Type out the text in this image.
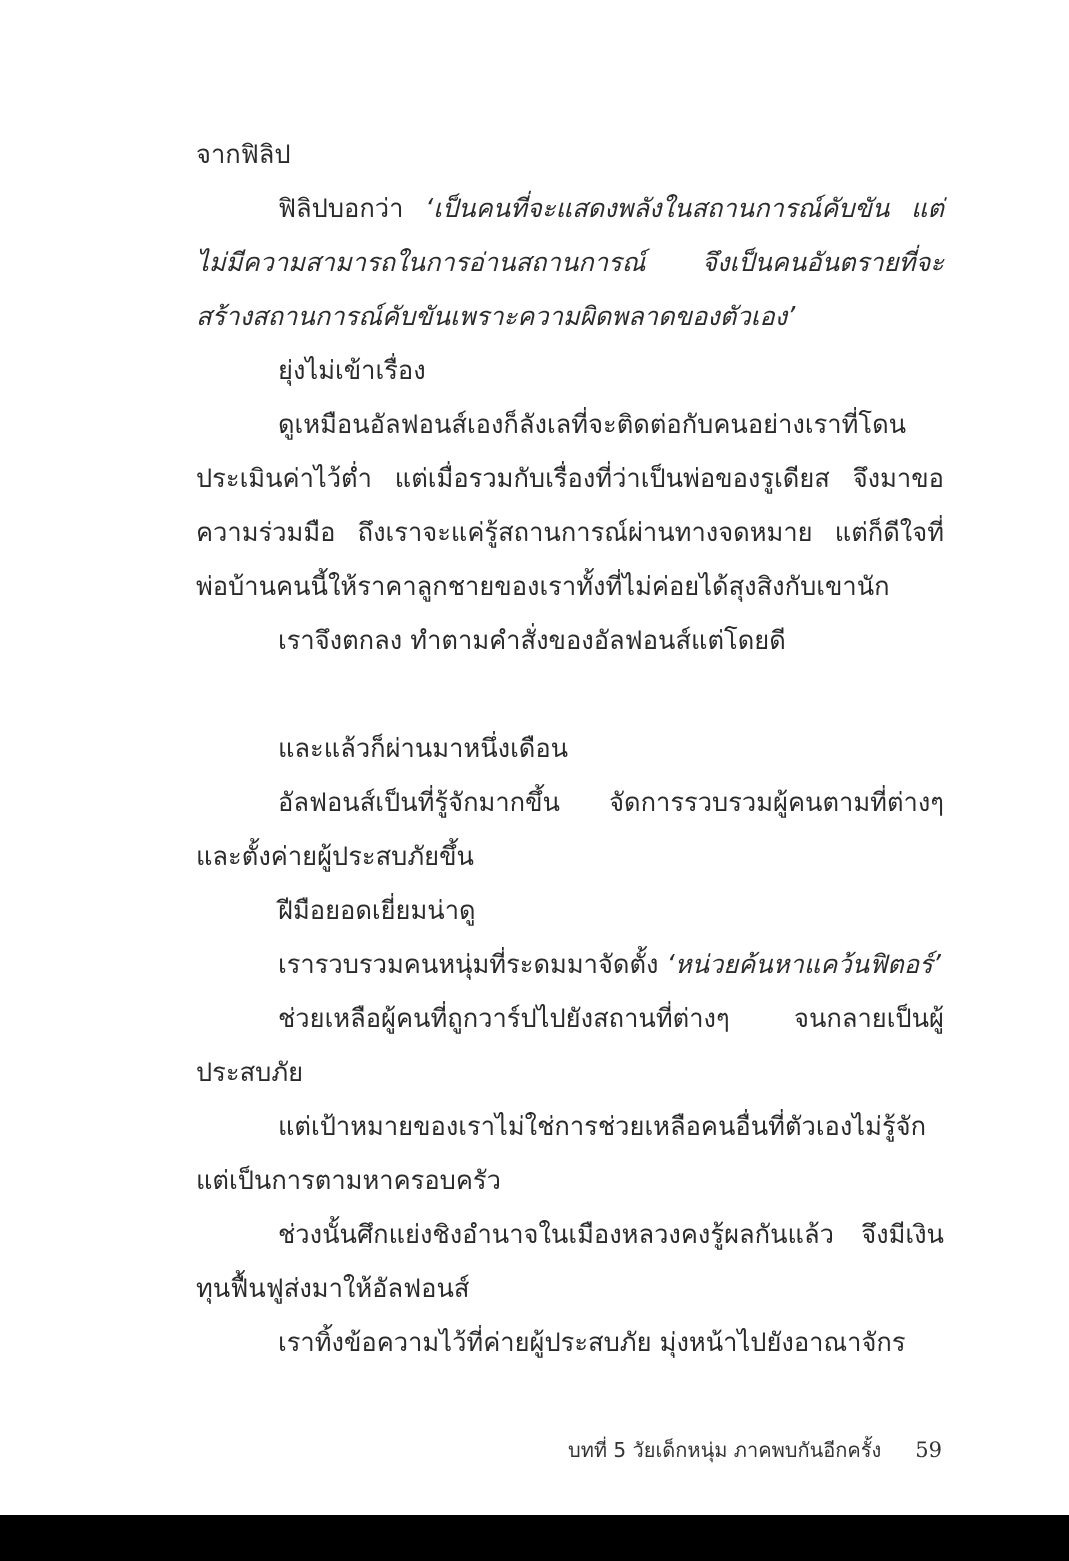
จากฟิลิป

ฟิลิปบอกว่า ‘เป็นคนที่จะแสดงพลังในสถานการณ์คับขัน แต่ไม่มีความสามารถในการอ่านสถานการณ์ จึงเป็นคนอันตรายที่จะสร้างสถานการณ์คับขันเพราะความผิดพลาดของตัวเอง’

ยุ่งไม่เข้าเรื่อง

ดูเหมือนอัลฟอนส์เองก็ลังเลที่จะติดต่อกับคนอย่างเราที่โดนประเมินค่าไว้ต่ำ แต่เมื่อรวมกับเรื่องที่ว่าเป็นพ่อของรูเดียส จึงมาขอความร่วมมือ ถึงเราจะแค่รู้สถานการณ์ผ่านทางจดหมาย แต่ก็ดีใจที่พ่อบ้านคนนี้ให้ราคาลูกชายของเราทั้งที่ไม่ค่อยได้สุงสิงกับเขานัก

เราจึงตกลง ทำตามคำสั่งของอัลฟอนส์แต่โดยดี

และแล้วก็ผ่านมาหนึ่งเดือน

อัลฟอนส์เป็นที่รู้จักมากขึ้น จัดการรวบรวมผู้คนตามที่ต่างๆ และตั้งค่ายผู้ประสบภัยขึ้น

ฝีมือยอดเยี่ยมน่าดู

เรารวบรวมคนหนุ่มที่ระดมมาจัดตั้ง ‘หน่วยค้นหาแคว้นฟิตอร์’

ช่วยเหลือผู้คนที่ถูกวาร์ปไปยังสถานที่ต่างๆ จนกลายเป็นผู้ประสบภัย

แต่เป้าหมายของเราไม่ใช่การช่วยเหลือคนอื่นที่ตัวเองไม่รู้จัก แต่เป็นการตามหาครอบครัว

ช่วงนั้นศึกแย่งชิงอำนาจในเมืองหลวงคงรู้ผลกันแล้ว จึงมีเงินทุนฟื้นฟูส่งมาให้อัลฟอนส์

เราทิ้งข้อความไว้ที่ค่ายผู้ประสบภัย มุ่งหน้าไปยังอาณาจักร

บทที่ 5 วัยเด็กหนุ่ม ภาคพบกันอีกครั้ง 59
